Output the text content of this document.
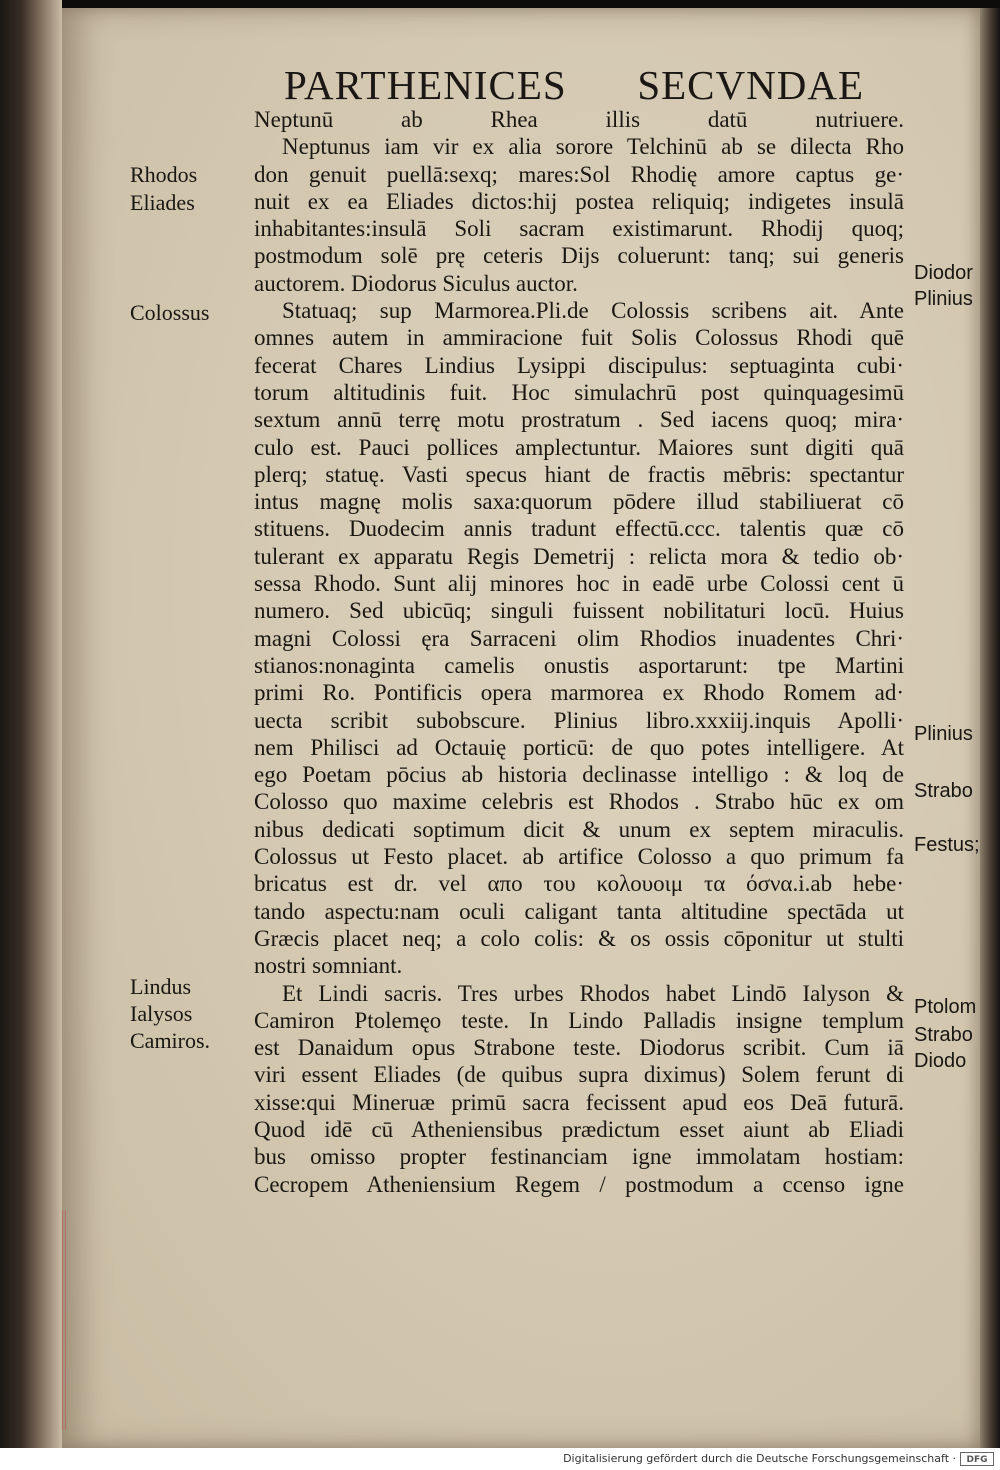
PARTHENICES SECVNDAE
Neptunū ab Rhea illis datū nutriuere.
Neptunus iam vir ex alia sorore Telchinū ab se dilecta Rho
don genuit puellā:sexq; mares:Sol Rhodię amore captus ge·
nuit ex ea Eliades dictos:hij postea reliquiq; indigetes insulā
inhabitantes:insulā Soli sacram existimarunt. Rhodij quoq;
postmodum solē prę ceteris Dijs coluerunt: tanq; sui generis
auctorem. Diodorus Siculus auctor.
Statuaq; sup Marmorea.Pli.de Colossis scribens ait. Ante
omnes autem in ammiracione fuit Solis Colossus Rhodi quē
fecerat Chares Lindius Lysippi discipulus: septuaginta cubi·
torum altitudinis fuit. Hoc simulachrū post quinquagesimū
sextum annū terrę motu prostratum . Sed iacens quoq; mira·
culo est. Pauci pollices amplectuntur. Maiores sunt digiti quā
plerq; statuę. Vasti specus hiant de fractis mēbris: spectantur
intus magnę molis saxa:quorum pōdere illud stabiliuerat cō
stituens. Duodecim annis tradunt effectū.ccc. talentis quæ cō
tulerant ex apparatu Regis Demetrij : relicta mora & tedio ob·
sessa Rhodo. Sunt alij minores hoc in eadē urbe Colossi cent ū
numero. Sed ubicūq; singuli fuissent nobilitaturi locū. Huius
magni Colossi ęra Sarraceni olim Rhodios inuadentes Chri·
stianos:nonaginta camelis onustis asportarunt: tpe Martini
primi Ro. Pontificis opera marmorea ex Rhodo Romem ad·
uecta scribit subobscure. Plinius libro.xxxiij.inquis Apolli·
nem Philisci ad Octauię porticū: de quo potes intelligere. At
ego Poetam pōcius ab historia declinasse intelligo : & loq de
Colosso quo maxime celebris est Rhodos . Strabo hūc ex om
nibus dedicati soptimum dicit & unum ex septem miraculis.
Colossus ut Festo placet. ab artifice Colosso a quo primum fa
bricatus est dr. vel απο του κολουοιμ τα όσνα.i.ab hebe·
tando aspectu:nam oculi caligant tanta altitudine spectāda ut
Græcis placet neq; a colo colis: & os ossis cōponitur ut stulti
nostri somniant.
Et Lindi sacris. Tres urbes Rhodos habet Lindō Ialyson &
Camiron Ptolemęo teste. In Lindo Palladis insigne templum
est Danaidum opus Strabone teste. Diodorus scribit. Cum iā
viri essent Eliades (de quibus supra diximus) Solem ferunt di
xisse:qui Mineruæ primū sacra fecissent apud eos Deā futurā.
Quod idē cū Atheniensibus prædictum esset aiunt ab Eliadi
bus omisso propter festinanciam igne immolatam hostiam:
Cecropem Atheniensium Regem / postmodum a ccenso igne
Rhodos
Eliades
Colossus
Lindus
Ialysos
Camiros.
Diodor
Plinius
Plinius
Strabo
Festus;
Ptolom
Strabo
Diodo
Digitalisierung gefördert durch die Deutsche Forschungsgemeinschaft ·	DFG
